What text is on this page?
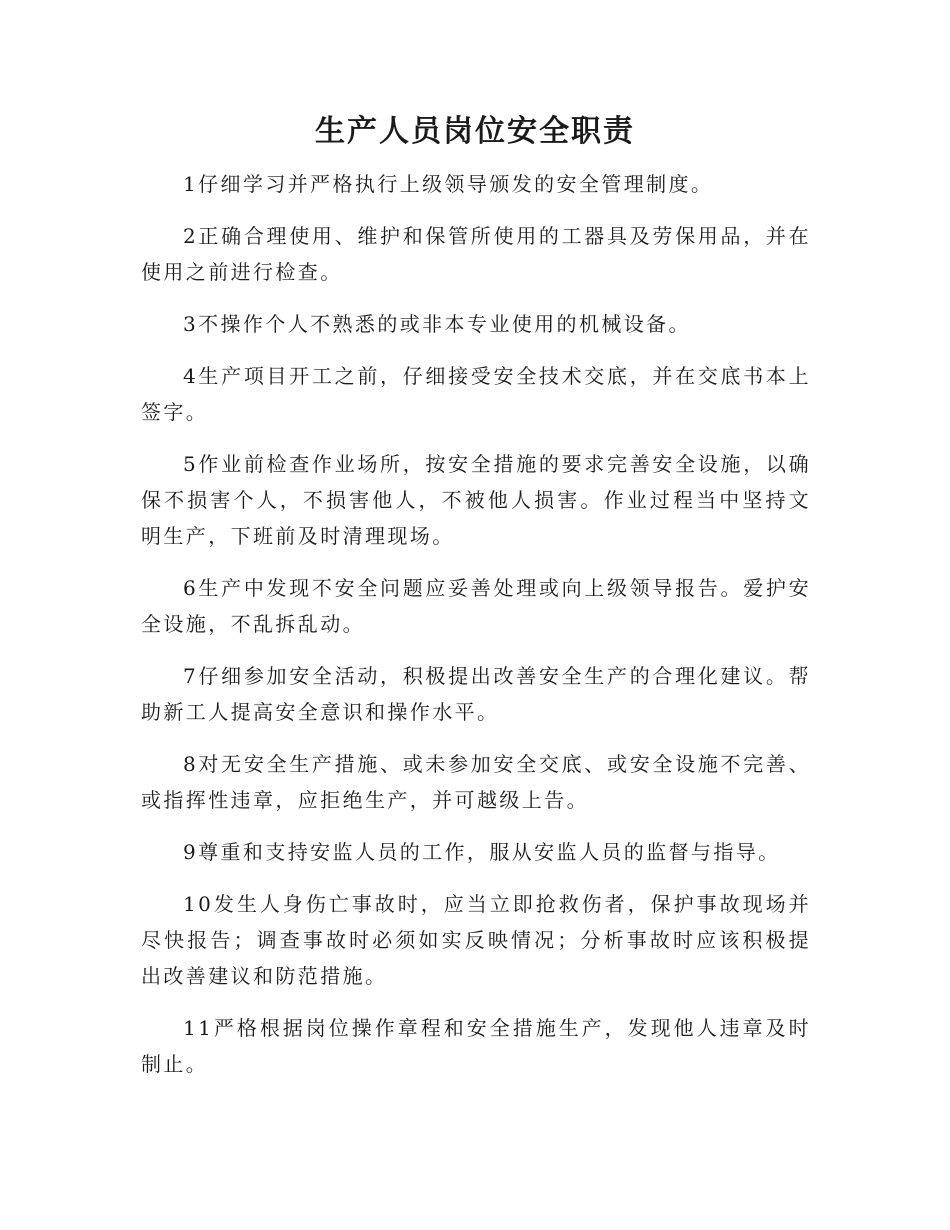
生产人员岗位安全职责

1仔细学习并严格执行上级领导颁发的安全管理制度。

2正确合理使用、维护和保管所使用的工器具及劳保用品，并在使用之前进行检查。

3不操作个人不熟悉的或非本专业使用的机械设备。

4生产项目开工之前，仔细接受安全技术交底，并在交底书本上签字。

5作业前检查作业场所，按安全措施的要求完善安全设施，以确保不损害个人，不损害他人，不被他人损害。作业过程当中坚持文明生产，下班前及时清理现场。

6生产中发现不安全问题应妥善处理或向上级领导报告。爱护安全设施，不乱拆乱动。

7仔细参加安全活动，积极提出改善安全生产的合理化建议。帮助新工人提高安全意识和操作水平。

8对无安全生产措施、或未参加安全交底、或安全设施不完善、或指挥性违章，应拒绝生产，并可越级上告。

9尊重和支持安监人员的工作，服从安监人员的监督与指导。

10发生人身伤亡事故时，应当立即抢救伤者，保护事故现场并尽快报告；调查事故时必须如实反映情况；分析事故时应该积极提出改善建议和防范措施。

11严格根据岗位操作章程和安全措施生产，发现他人违章及时制止。
